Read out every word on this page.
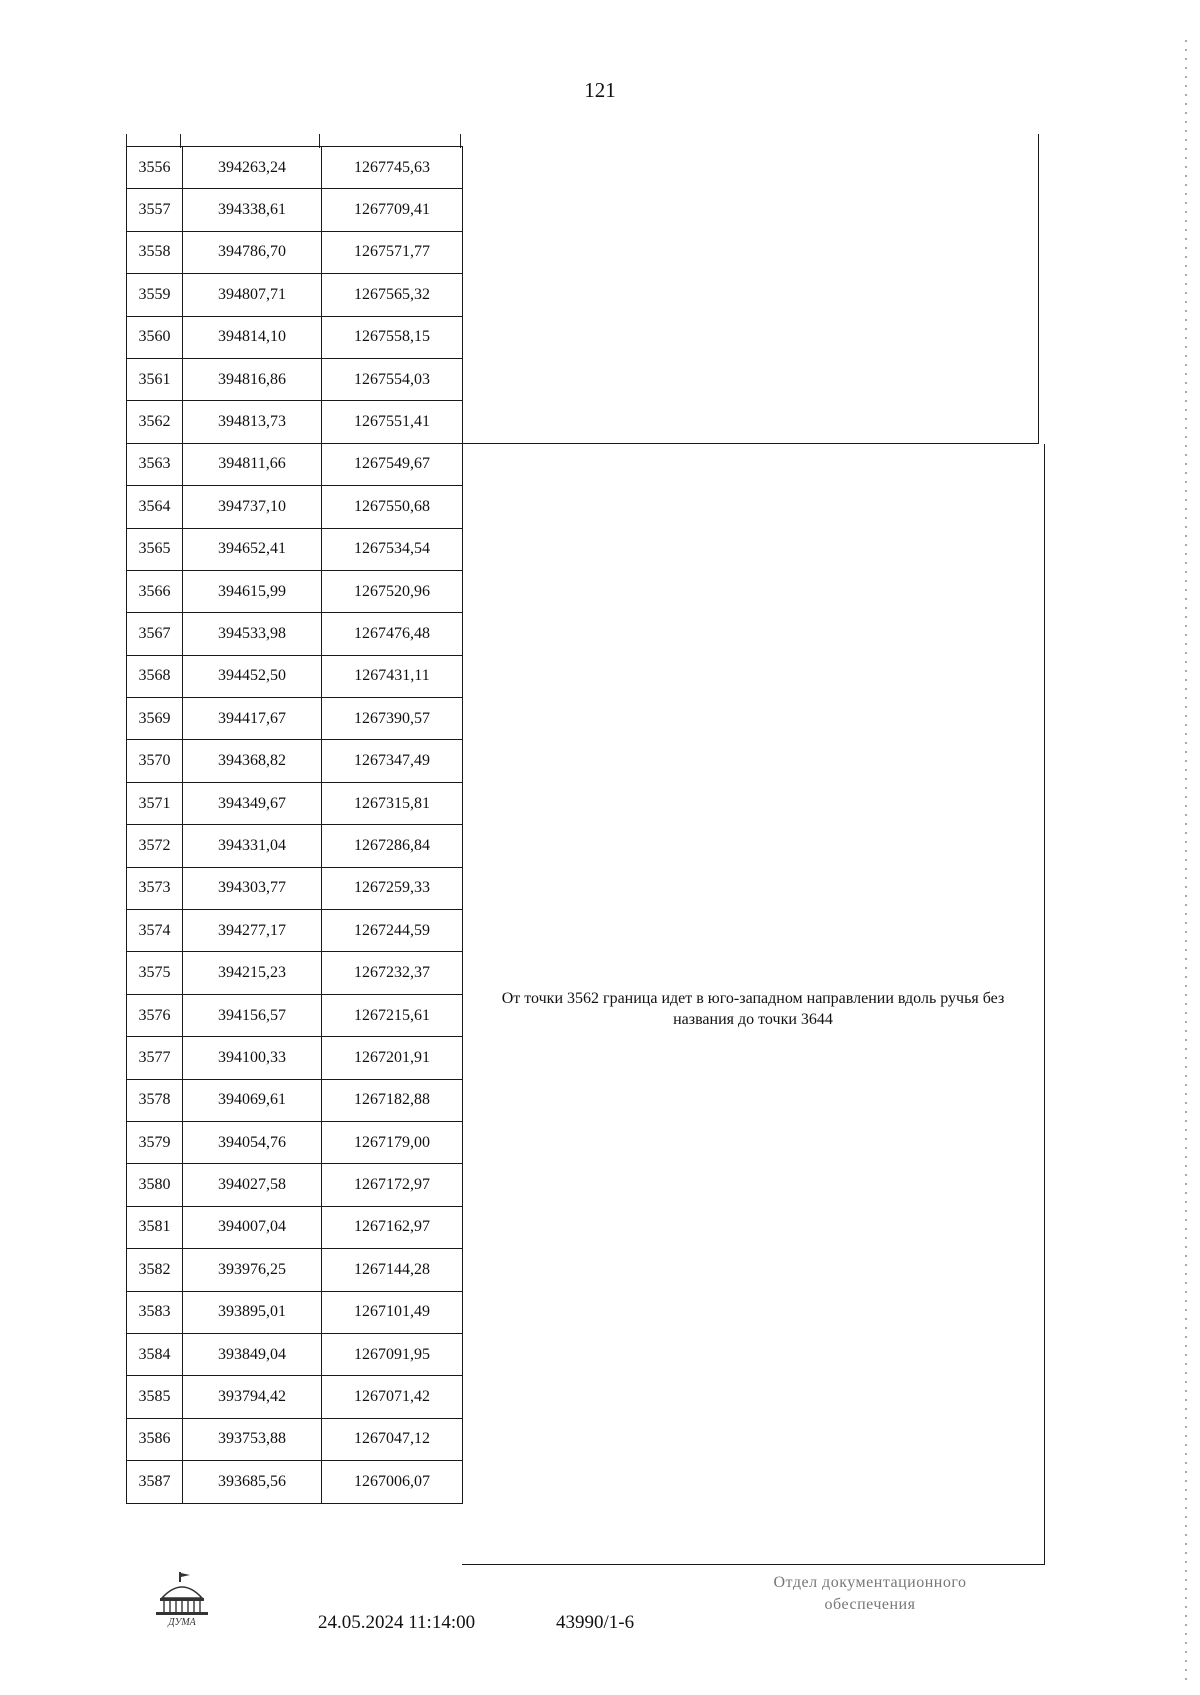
121
3556	394263,24	1267745,63
3557	394338,61	1267709,41
3558	394786,70	1267571,77
3559	394807,71	1267565,32
3560	394814,10	1267558,15
3561	394816,86	1267554,03
3562	394813,73	1267551,41
3563	394811,66	1267549,67
3564	394737,10	1267550,68
3565	394652,41	1267534,54
3566	394615,99	1267520,96
3567	394533,98	1267476,48
3568	394452,50	1267431,11
3569	394417,67	1267390,57
3570	394368,82	1267347,49
3571	394349,67	1267315,81
3572	394331,04	1267286,84
3573	394303,77	1267259,33
3574	394277,17	1267244,59
3575	394215,23	1267232,37
3576	394156,57	1267215,61
3577	394100,33	1267201,91
3578	394069,61	1267182,88
3579	394054,76	1267179,00
3580	394027,58	1267172,97
3581	394007,04	1267162,97
3582	393976,25	1267144,28
3583	393895,01	1267101,49
3584	393849,04	1267091,95
3585	393794,42	1267071,42
3586	393753,88	1267047,12
3587	393685,56	1267006,07
От точки 3562 граница идет в юго-западном направлении вдоль ручья без названия до точки 3644
ДУМА	24.05.2024 11:14:00	43990/1-6
Отдел документационного
обеспечения
